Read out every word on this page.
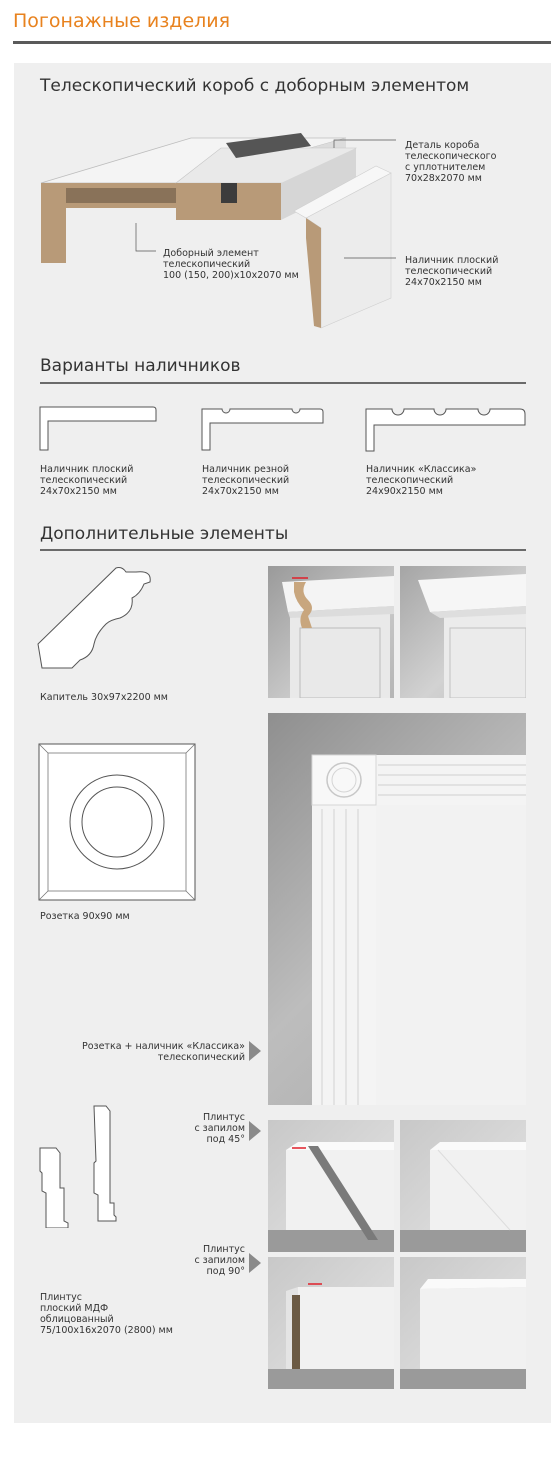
Погонажные изделия
Телескопический короб с доборным элементом
Деталь короба
телескопического
с уплотнителем
70х28х2070 мм
Доборный элемент
телескопический
100 (150, 200)х10х2070 мм
Наличник плоский
телескопический
24х70х2150 мм
Варианты наличников
Наличник плоский
телескопический
24х70х2150 мм
Наличник резной
телескопический
24х70х2150 мм
Наличник «Классика»
телескопический
24х90х2150 мм
Дополнительные элементы
Капитель 30х97х2200 мм
Розетка 90х90 мм
Розетка + наличник «Классика»
телескопический
Плинтус
плоский МДФ
облицованный
75/100х16х2070 (2800) мм
Плинтус
с запилом
под 45°
Плинтус
с запилом
под 90°
